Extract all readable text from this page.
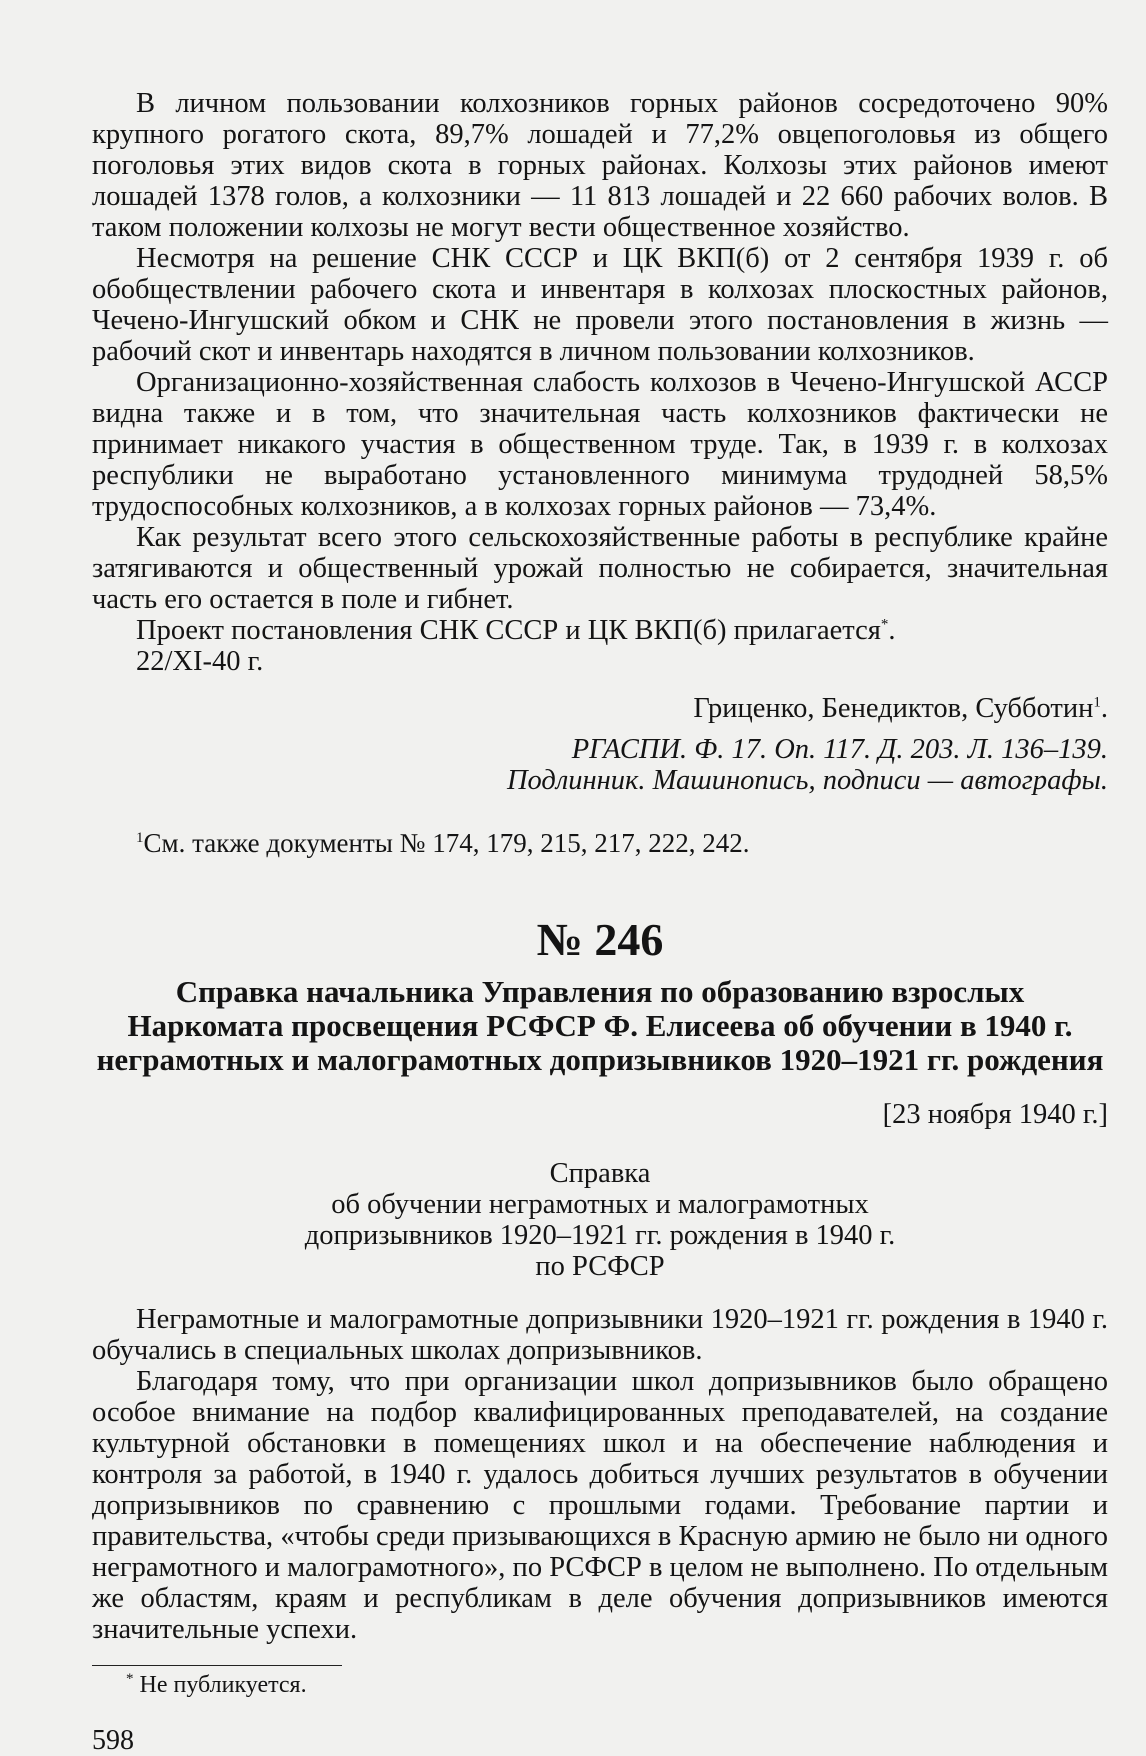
В личном пользовании колхозников горных районов сосредоточено 90% крупного рогатого скота, 89,7% лошадей и 77,2% овцепоголовья из общего поголовья этих видов скота в горных районах. Колхозы этих районов имеют лошадей 1378 голов, а колхозники — 11 813 лошадей и 22 660 рабочих волов. В таком положении колхозы не могут вести общественное хозяйство.

Несмотря на решение СНК СССР и ЦК ВКП(б) от 2 сентября 1939 г. об обобществлении рабочего скота и инвентаря в колхозах плоскостных районов, Чечено-Ингушский обком и СНК не провели этого постановления в жизнь — рабочий скот и инвентарь находятся в личном пользовании колхозников.

Организационно-хозяйственная слабость колхозов в Чечено-Ингушской АССР видна также и в том, что значительная часть колхозников фактически не принимает никакого участия в общественном труде. Так, в 1939 г. в колхозах республики не выработано установленного минимума трудодней 58,5% трудоспособных колхозников, а в колхозах горных районов — 73,4%.

Как результат всего этого сельскохозяйственные работы в республике крайне затягиваются и общественный урожай полностью не собирается, значительная часть его остается в поле и гибнет.

Проект постановления СНК СССР и ЦК ВКП(б) прилагается*.

22/XI-40 г.

Гриценко, Бенедиктов, Субботин$^1$.
РГАСПИ. Ф. 17. Оп. 117. Д. 203. Л. 136–139.
Подлинник. Машинопись, подписи — автографы.
$^1$См. также документы № 174, 179, 215, 217, 222, 242.
№ 246
Справка начальника Управления по образованию взрослых Наркомата просвещения РСФСР Ф. Елисеева об обучении в 1940 г. неграмотных и малограмотных допризывников 1920–1921 гг. рождения
[23 ноября 1940 г.]
Справка
об обучении неграмотных и малограмотных
допризывников 1920–1921 гг. рождения в 1940 г.
по РСФСР

Неграмотные и малограмотные допризывники 1920–1921 гг. рождения в 1940 г. обучались в специальных школах допризывников.

Благодаря тому, что при организации школ допризывников было обращено особое внимание на подбор квалифицированных преподавателей, на создание культурной обстановки в помещениях школ и на обеспечение наблюдения и контроля за работой, в 1940 г. удалось добиться лучших результатов в обучении допризывников по сравнению с прошлыми годами. Требование партии и правительства, «чтобы среди призывающихся в Красную армию не было ни одного неграмотного и малограмотного», по РСФСР в целом не выполнено. По отдельным же областям, краям и республикам в деле обучения допризывников имеются значительные успехи.

* Не публикуется.
598
